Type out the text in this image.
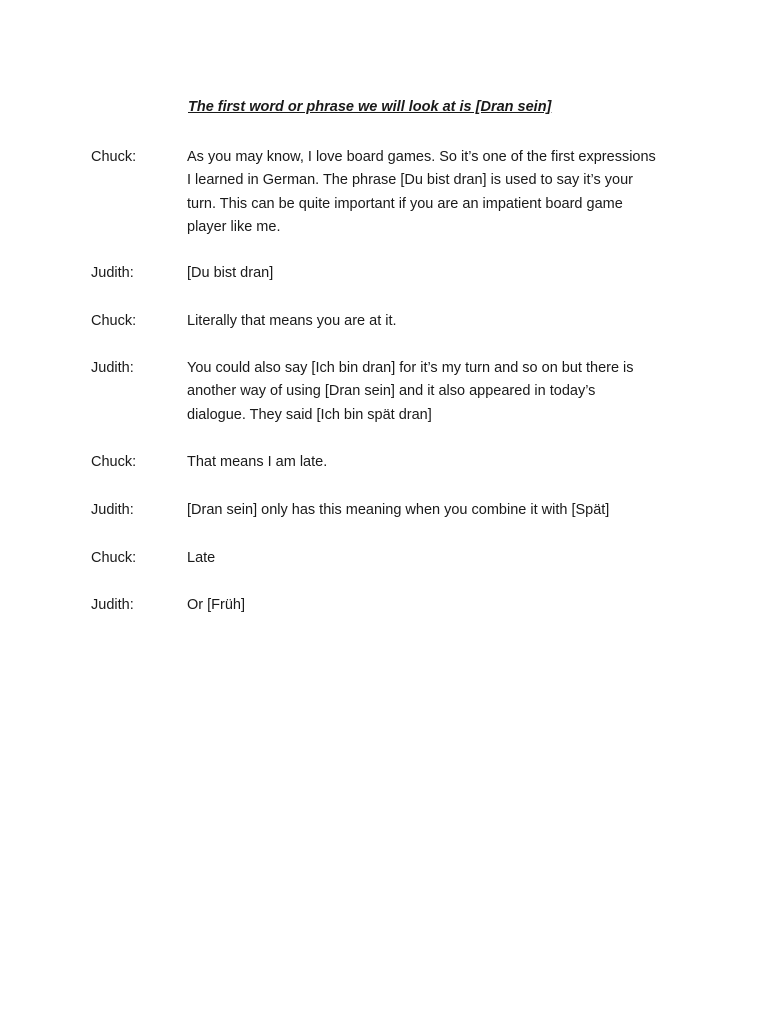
The first word or phrase we will look at is [Dran sein]
Chuck:	As you may know, I love board games. So it’s one of the first expressions
I learned in German. The phrase [Du bist dran] is used to say it’s your
turn. This can be quite important if you are an impatient board game
player like me.
Judith:	[Du bist dran]
Chuck:	Literally that means you are at it.
Judith:	You could also say [Ich bin dran] for it’s my turn and so on but there is
another way of using [Dran sein] and it also appeared in today’s
dialogue. They said [Ich bin spät dran]
Chuck:	That means I am late.
Judith:	[Dran sein] only has this meaning when you combine it with [Spät]
Chuck:	Late
Judith:	Or [Früh]
